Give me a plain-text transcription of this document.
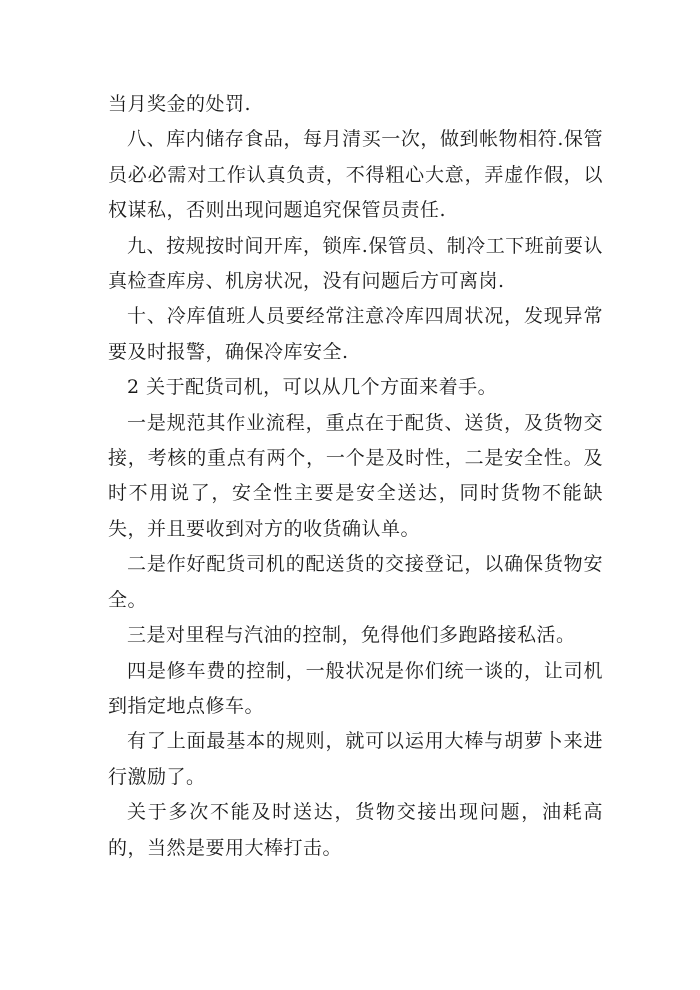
当月奖金的处罚.

八、库内储存食品，每月清买一次，做到帐物相符.保管员必必需对工作认真负责，不得粗心大意，弄虚作假，以权谋私，否则出现问题追究保管员责任.

九、按规按时间开库，锁库.保管员、制冷工下班前要认真检查库房、机房状况，没有问题后方可离岗.

十、冷库值班人员要经常注意冷库四周状况，发现异常要及时报警，确保冷库安全.

2 关于配货司机，可以从几个方面来着手。

一是规范其作业流程，重点在于配货、送货，及货物交接，考核的重点有两个，一个是及时性，二是安全性。及时不用说了，安全性主要是安全送达，同时货物不能缺失，并且要收到对方的收货确认单。

二是作好配货司机的配送货的交接登记，以确保货物安全。

三是对里程与汽油的控制，免得他们多跑路接私活。

四是修车费的控制，一般状况是你们统一谈的，让司机到指定地点修车。

有了上面最基本的规则，就可以运用大棒与胡萝卜来进行激励了。

关于多次不能及时送达，货物交接出现问题，油耗高的，当然是要用大棒打击。
